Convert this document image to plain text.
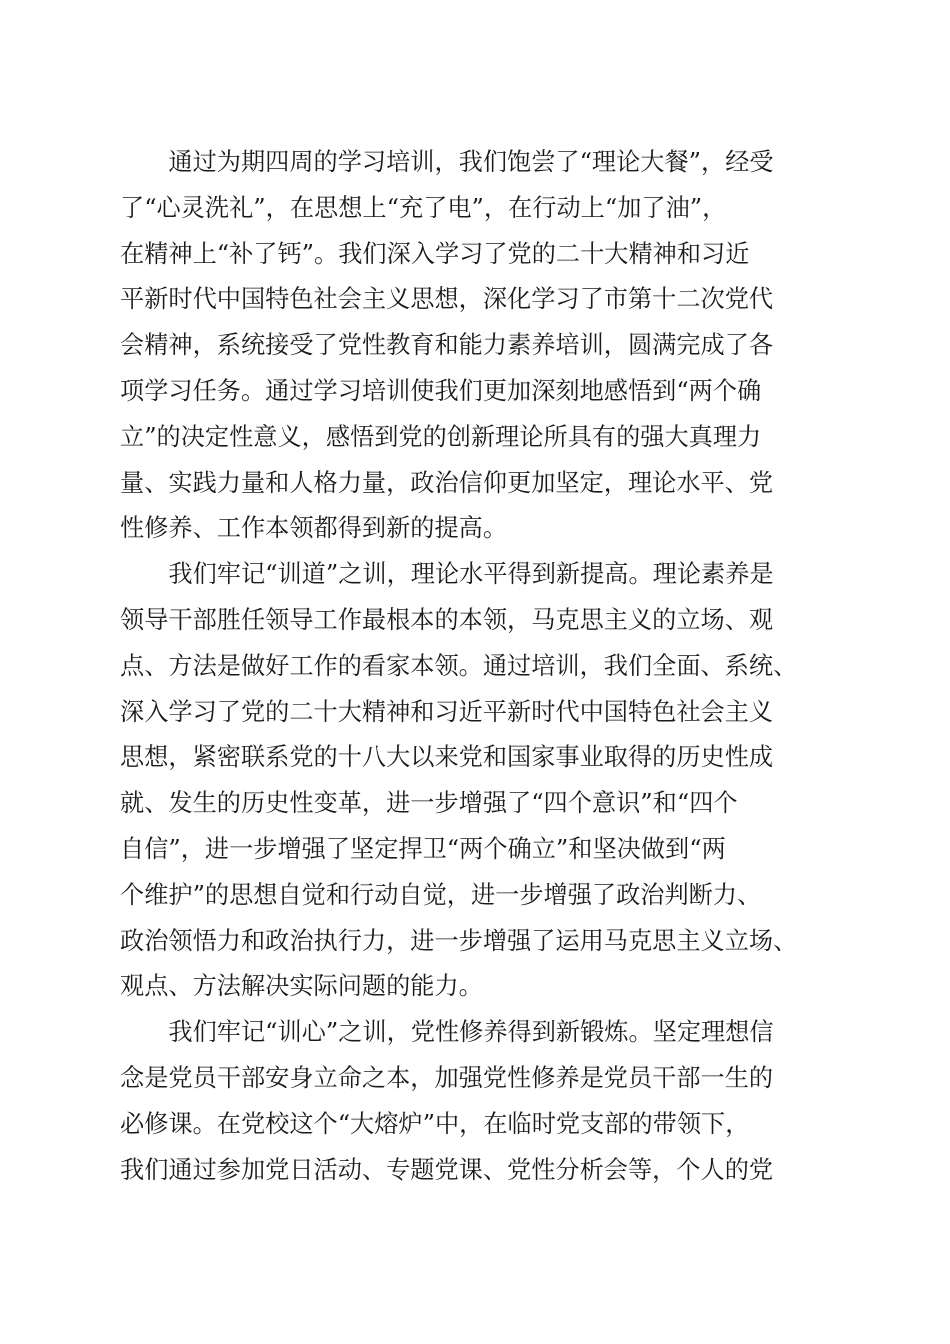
　　通过为期四周的学习培训，我们饱尝了“理论大餐”，经受
了“心灵洗礼”，在思想上“充了电”，在行动上“加了油”，
在精神上“补了钙”。我们深入学习了党的二十大精神和习近
平新时代中国特色社会主义思想，深化学习了市第十二次党代
会精神，系统接受了党性教育和能力素养培训，圆满完成了各
项学习任务。通过学习培训使我们更加深刻地感悟到“两个确
立”的决定性意义，感悟到党的创新理论所具有的强大真理力
量、实践力量和人格力量，政治信仰更加坚定，理论水平、党
性修养、工作本领都得到新的提高。
　　我们牢记“训道”之训，理论水平得到新提高。理论素养是
领导干部胜任领导工作最根本的本领，马克思主义的立场、观
点、方法是做好工作的看家本领。通过培训，我们全面、系统、
深入学习了党的二十大精神和习近平新时代中国特色社会主义
思想，紧密联系党的十八大以来党和国家事业取得的历史性成
就、发生的历史性变革，进一步增强了“四个意识”和“四个
自信”，进一步增强了坚定捍卫“两个确立”和坚决做到“两
个维护”的思想自觉和行动自觉，进一步增强了政治判断力、
政治领悟力和政治执行力，进一步增强了运用马克思主义立场、
观点、方法解决实际问题的能力。
　　我们牢记“训心”之训，党性修养得到新锻炼。坚定理想信
念是党员干部安身立命之本，加强党性修养是党员干部一生的
必修课。在党校这个“大熔炉”中，在临时党支部的带领下，
我们通过参加党日活动、专题党课、党性分析会等，个人的党
